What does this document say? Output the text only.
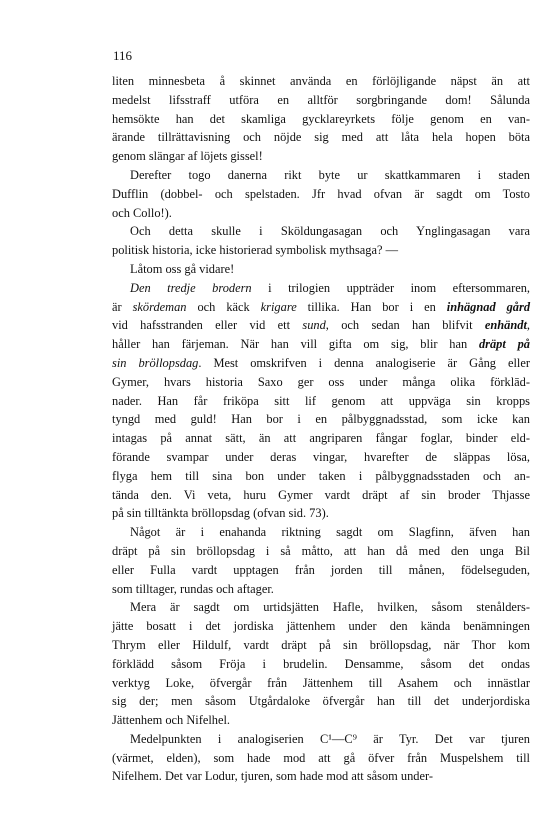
116
liten minnesbeta å skinnet använda en förlöjligande näpst än att
medelst lifsstraff utföra en alltför sorgbringande dom! Sålunda
hemsökte han det skamliga gycklareyrkets följe genom en van-
ärande tillrättavisning och nöjde sig med att låta hela hopen böta
genom slängar af löjets gissel!
Derefter togo danerna rikt byte ur skattkammaren i staden
Dufflin (dobbel- och spelstaden. Jfr hvad ofvan är sagdt om Tosto
och Collo!).
Och detta skulle i Sköldungasagan och Ynglingasagan vara
politisk historia, icke historierad symbolisk mythsaga? —
Låtom oss gå vidare!
Den tredje brodern i trilogien uppträder inom eftersommaren,
är skördeman och käck krigare tillika. Han bor i en inhägnad gård
vid hafsstranden eller vid ett sund, och sedan han blifvit enhändt,
håller han färjeman. När han vill gifta om sig, blir han dräpt på
sin bröllopsdag. Mest omskrifven i denna analogiserie är Gång eller
Gymer, hvars historia Saxo ger oss under många olika förklād-
nader. Han får friköpa sitt lif genom att uppväga sin kropps
tyngd med guld! Han bor i en pålbyggnadsstad, som icke kan
intagas på annat sätt, än att angriparen fångar foglar, binder eld-
förande svampar under deras vingar, hvarefter de släppas lösa,
flyga hem till sina bon under taken i pålbyggnadsstaden och an-
tända den. Vi veta, huru Gymer vardt dräpt af sin broder Thjasse
på sin tilltänkta bröllopsdag (ofvan sid. 73).
Något är i enahanda riktning sagdt om Slagfinn, äfven han
dräpt på sin bröllopsdag i så måtto, att han då med den unga Bil
eller Fulla vardt upptagen från jorden till månen, födelseguden,
som tilltager, rundas och aftager.
Mera är sagdt om urtidsjätten Hafle, hvilken, såsom stenålders-
jätte bosatt i det jordiska jättenhem under den kända benämningen
Thrym eller Hildulf, vardt dräpt på sin bröllopsdag, när Thor kom
förklädd såsom Fröja i brudelin. Densamme, såsom det ondas
verktyg Loke, öfvergår från Jättenhem till Asahem och innästlar
sig der; men såsom Utgårdaloke öfvergår han till det underjordiska
Jättenhem och Nifelhel.
Medelpunkten i analogiserien C¹—C⁹ är Tyr. Det var tjuren
(värmet, elden), som hade mod att gå öfver från Muspelshem till
Nifelhem. Det var Lodur, tjuren, som hade mod att såsom under-
